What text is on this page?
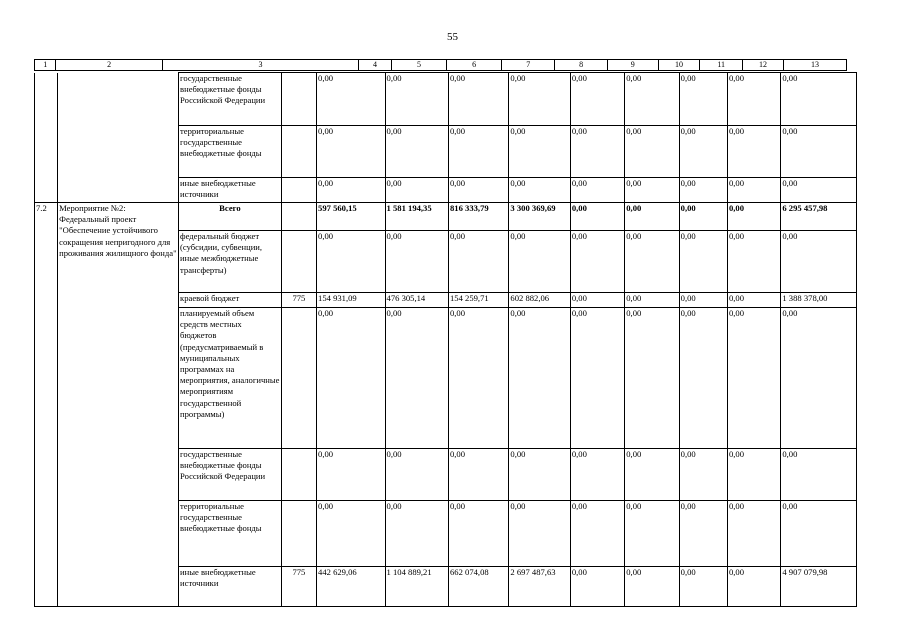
55
1	2	3	4	5	6	7	8	9	10	11	12	13
		государственные внебюджетные фонды Российской Федерации		0,00	0,00	0,00	0,00	0,00	0,00	0,00	0,00	0,00
		территориальные государственные внебюджетные фонды		0,00	0,00	0,00	0,00	0,00	0,00	0,00	0,00	0,00
		иные внебюджетные источники		0,00	0,00	0,00	0,00	0,00	0,00	0,00	0,00	0,00
7.2	Мероприятие №2: Федеральный проект "Обеспечение устойчивого сокращения непригодного для проживания жилищного фонда"	Всего		597 560,15	1 581 194,35	816 333,79	3 300 369,69	0,00	0,00	0,00	0,00	6 295 457,98
		федеральный бюджет (субсидии, субвенции, иные межбюджетные трансферты)		0,00	0,00	0,00	0,00	0,00	0,00	0,00	0,00	0,00
		краевой бюджет	775	154 931,09	476 305,14	154 259,71	602 882,06	0,00	0,00	0,00	0,00	1 388 378,00
		планируемый объем средств местных бюджетов (предусматриваемый в муниципальных программах на мероприятия, аналогичные мероприятиям государственной программы)		0,00	0,00	0,00	0,00	0,00	0,00	0,00	0,00	0,00
		государственные внебюджетные фонды Российской Федерации		0,00	0,00	0,00	0,00	0,00	0,00	0,00	0,00	0,00
		территориальные государственные внебюджетные фонды		0,00	0,00	0,00	0,00	0,00	0,00	0,00	0,00	0,00
		иные внебюджетные источники	775	442 629,06	1 104 889,21	662 074,08	2 697 487,63	0,00	0,00	0,00	0,00	4 907 079,98
